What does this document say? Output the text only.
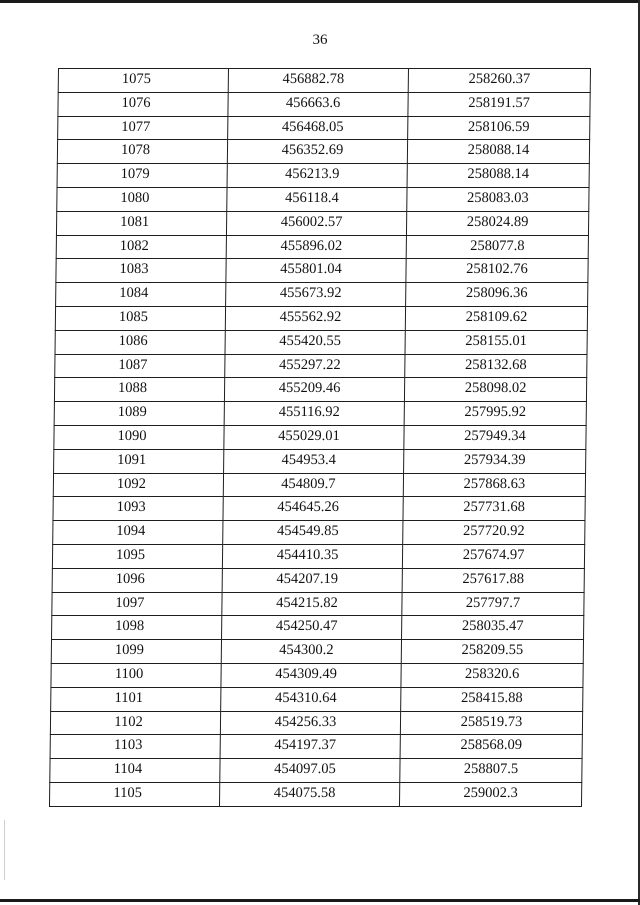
36
1075	456882.78	258260.37
1076	456663.6	258191.57
1077	456468.05	258106.59
1078	456352.69	258088.14
1079	456213.9	258088.14
1080	456118.4	258083.03
1081	456002.57	258024.89
1082	455896.02	258077.8
1083	455801.04	258102.76
1084	455673.92	258096.36
1085	455562.92	258109.62
1086	455420.55	258155.01
1087	455297.22	258132.68
1088	455209.46	258098.02
1089	455116.92	257995.92
1090	455029.01	257949.34
1091	454953.4	257934.39
1092	454809.7	257868.63
1093	454645.26	257731.68
1094	454549.85	257720.92
1095	454410.35	257674.97
1096	454207.19	257617.88
1097	454215.82	257797.7
1098	454250.47	258035.47
1099	454300.2	258209.55
1100	454309.49	258320.6
1101	454310.64	258415.88
1102	454256.33	258519.73
1103	454197.37	258568.09
1104	454097.05	258807.5
1105	454075.58	259002.3
